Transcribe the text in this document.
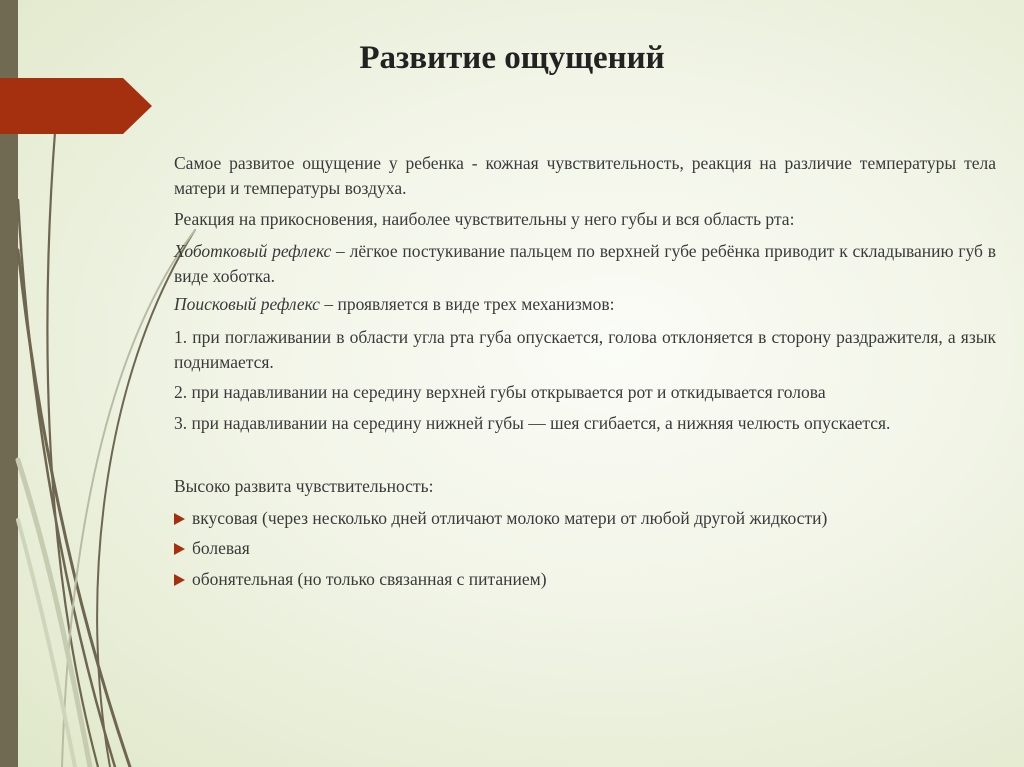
Развитие ощущений
Самое развитое ощущение у ребенка - кожная чувствительность, реакция на различие температуры тела матери и температуры воздуха.
Реакция на прикосновения, наиболее чувствительны у него губы и вся область рта:
Хоботковый рефлекс – лёгкое постукивание пальцем по верхней губе ребёнка приводит к складыванию губ в виде хоботка.
Поисковый рефлекс – проявляется в виде трех механизмов:
1. при поглаживании в области угла рта губа опускается, голова отклоняется в сторону раздражителя, а язык поднимается.
2. при надавливании на середину верхней губы открывается рот и откидывается голова
3. при надавливании на середину нижней губы — шея сгибается, а нижняя челюсть опускается.
Высоко развита чувствительность:
вкусовая (через несколько дней отличают молоко матери от любой другой жидкости)
болевая
обонятельная (но только связанная с питанием)
